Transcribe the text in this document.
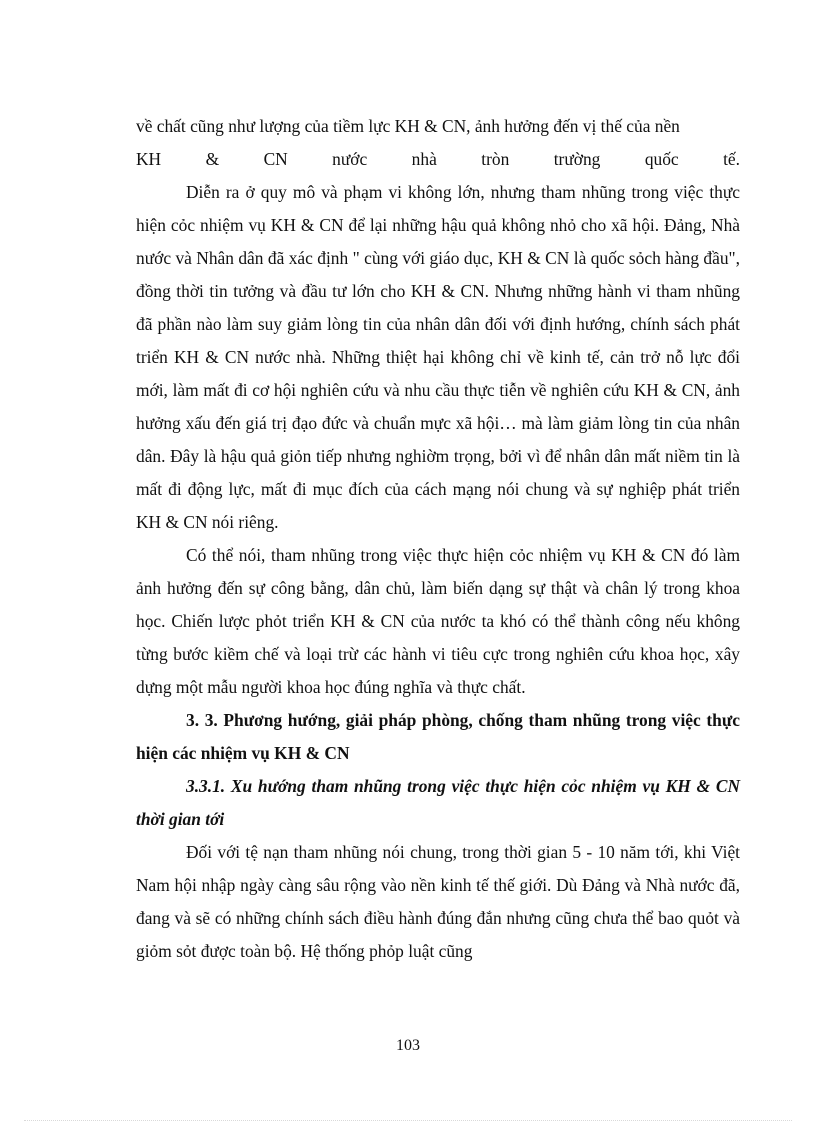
về chất cũng như lượng của tiềm lực KH & CN, ảnh hưởng đến vị thế của nền

KH & CN nước nhà tròn trường quốc tế.

Diễn ra ở quy mô và phạm vi không lớn, nhưng tham nhũng trong việc thực hiện cỏc nhiệm vụ KH & CN để lại những hậu quả không nhỏ cho xã hội. Đảng, Nhà nước và Nhân dân đã xác định " cùng với giáo dục, KH & CN là quốc sỏch hàng đầu", đồng thời tin tưởng và đầu tư lớn cho KH & CN. Nhưng những hành vi tham nhũng đã phần nào làm suy giảm lòng tin của nhân dân đối với định hướng, chính sách phát triển KH & CN nước nhà. Những thiệt hại không chỉ về kinh tế, cản trở nỗ lực đổi mới, làm mất đi cơ hội nghiên cứu và nhu cầu thực tiễn về nghiên cứu KH & CN, ảnh hưởng xấu đến giá trị đạo đức và chuẩn mực xã hội… mà làm giảm lòng tin của nhân dân. Đây là hậu quả giỏn tiếp nhưng nghiờm trọng, bởi vì để nhân dân mất niềm tin là mất đi động lực, mất đi mục đích của cách mạng nói chung và sự nghiệp phát triển KH & CN nói riêng.

Có thể nói, tham nhũng trong việc thực hiện cỏc nhiệm vụ KH & CN đó làm ảnh hưởng đến sự công bằng, dân chủ, làm biến dạng sự thật và chân lý trong khoa học. Chiến lược phỏt triển KH & CN của nước ta khó có thể thành công nếu không từng bước kiềm chế và loại trừ các hành vi tiêu cực trong nghiên cứu khoa học, xây dựng một mẫu người khoa học đúng nghĩa và thực chất.

3. 3. Phương hướng, giải pháp phòng, chống tham nhũng trong việc thực hiện các nhiệm vụ KH & CN

3.3.1. Xu hướng tham nhũng trong việc thực hiện cỏc nhiệm vụ KH & CN thời gian tới

Đối với tệ nạn tham nhũng nói chung, trong thời gian 5 - 10 năm tới, khi Việt Nam hội nhập ngày càng sâu rộng vào nền kinh tế thế giới. Dù Đảng và Nhà nước đã, đang và sẽ có những chính sách điều hành đúng đắn nhưng cũng chưa thể bao quỏt và giỏm sỏt được toàn bộ. Hệ thống phỏp luật cũng

103
